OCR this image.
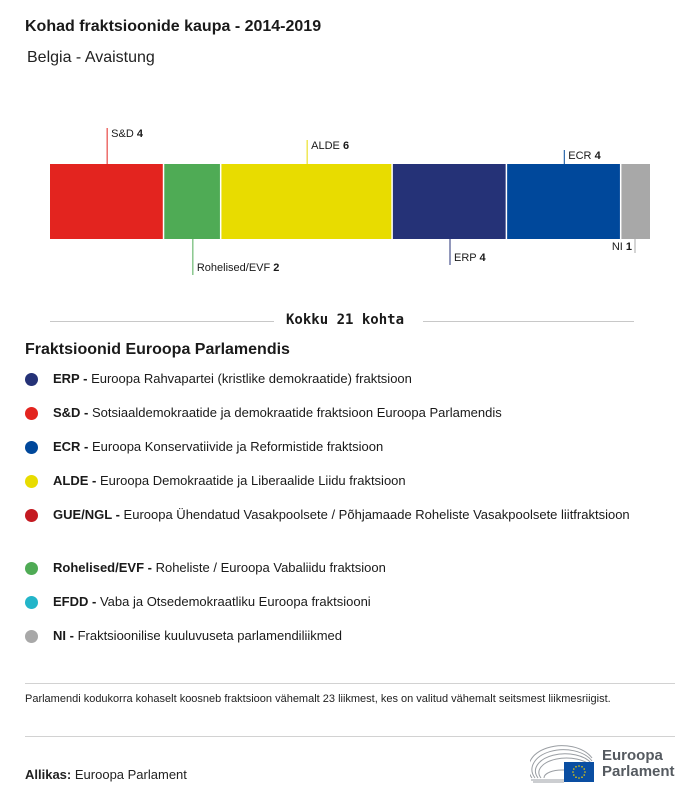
Kohad fraktsioonide kaupa - 2014-2019
Belgia - Avaistung
S&D 4
Rohelised/EVF 2
ALDE 6
ERP 4
ECR 4
NI 1
Kokku 21 kohta
Fraktsioonid Euroopa Parlamendis
ERP - Euroopa Rahvapartei (kristlike demokraatide) fraktsioon
S&D - Sotsiaaldemokraatide ja demokraatide fraktsioon Euroopa Parlamendis
ECR - Euroopa Konservatiivide ja Reformistide fraktsioon
ALDE - Euroopa Demokraatide ja Liberaalide Liidu fraktsioon
GUE/NGL - Euroopa Ühendatud Vasakpoolsete / Põhjamaade Roheliste Vasakpoolsete liitfraktsioon
Rohelised/EVF - Roheliste / Euroopa Vabaliidu fraktsioon
EFDD - Vaba ja Otsedemokraatliku Euroopa fraktsiooni
NI - Fraktsioonilise kuuluvuseta parlamendiliikmed
Parlamendi kodukorra kohaselt koosneb fraktsioon vähemalt 23 liikmest, kes on valitud vähemalt seitsmest liikmesriigist.
Allikas: Euroopa Parlament
Euroopa
Parlament
